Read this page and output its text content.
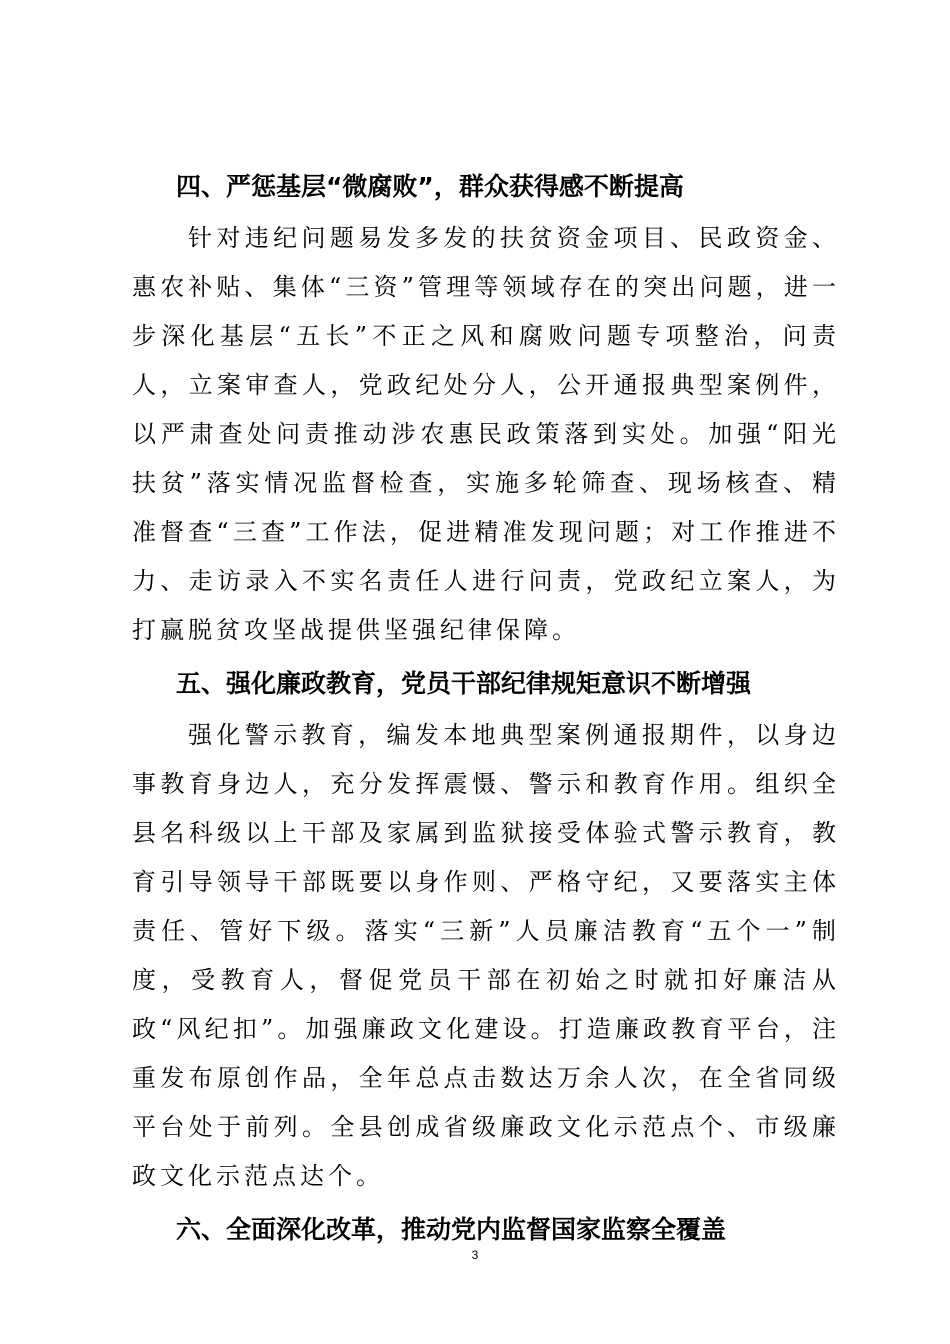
四、严惩基层“微腐败”，群众获得感不断提高
针对违纪问题易发多发的扶贫资金项目、民政资金、惠农补贴、集体“三资”管理等领域存在的突出问题，进一步深化基层“五长”不正之风和腐败问题专项整治，问责人，立案审查人，党政纪处分人，公开通报典型案例件，以严肃查处问责推动涉农惠民政策落到实处。加强“阳光扶贫”落实情况监督检查，实施多轮筛查、现场核查、精准督查“三查”工作法，促进精准发现问题；对工作推进不力、走访录入不实名责任人进行问责，党政纪立案人，为打赢脱贫攻坚战提供坚强纪律保障。
五、强化廉政教育，党员干部纪律规矩意识不断增强
强化警示教育，编发本地典型案例通报期件，以身边事教育身边人，充分发挥震慑、警示和教育作用。组织全县名科级以上干部及家属到监狱接受体验式警示教育，教育引导领导干部既要以身作则、严格守纪，又要落实主体责任、管好下级。落实“三新”人员廉洁教育“五个一”制度，受教育人，督促党员干部在初始之时就扣好廉洁从政“风纪扣”。加强廉政文化建设。打造廉政教育平台，注重发布原创作品，全年总点击数达万余人次，在全省同级平台处于前列。全县创成省级廉政文化示范点个、市级廉政文化示范点达个。
六、全面深化改革，推动党内监督国家监察全覆盖
3
